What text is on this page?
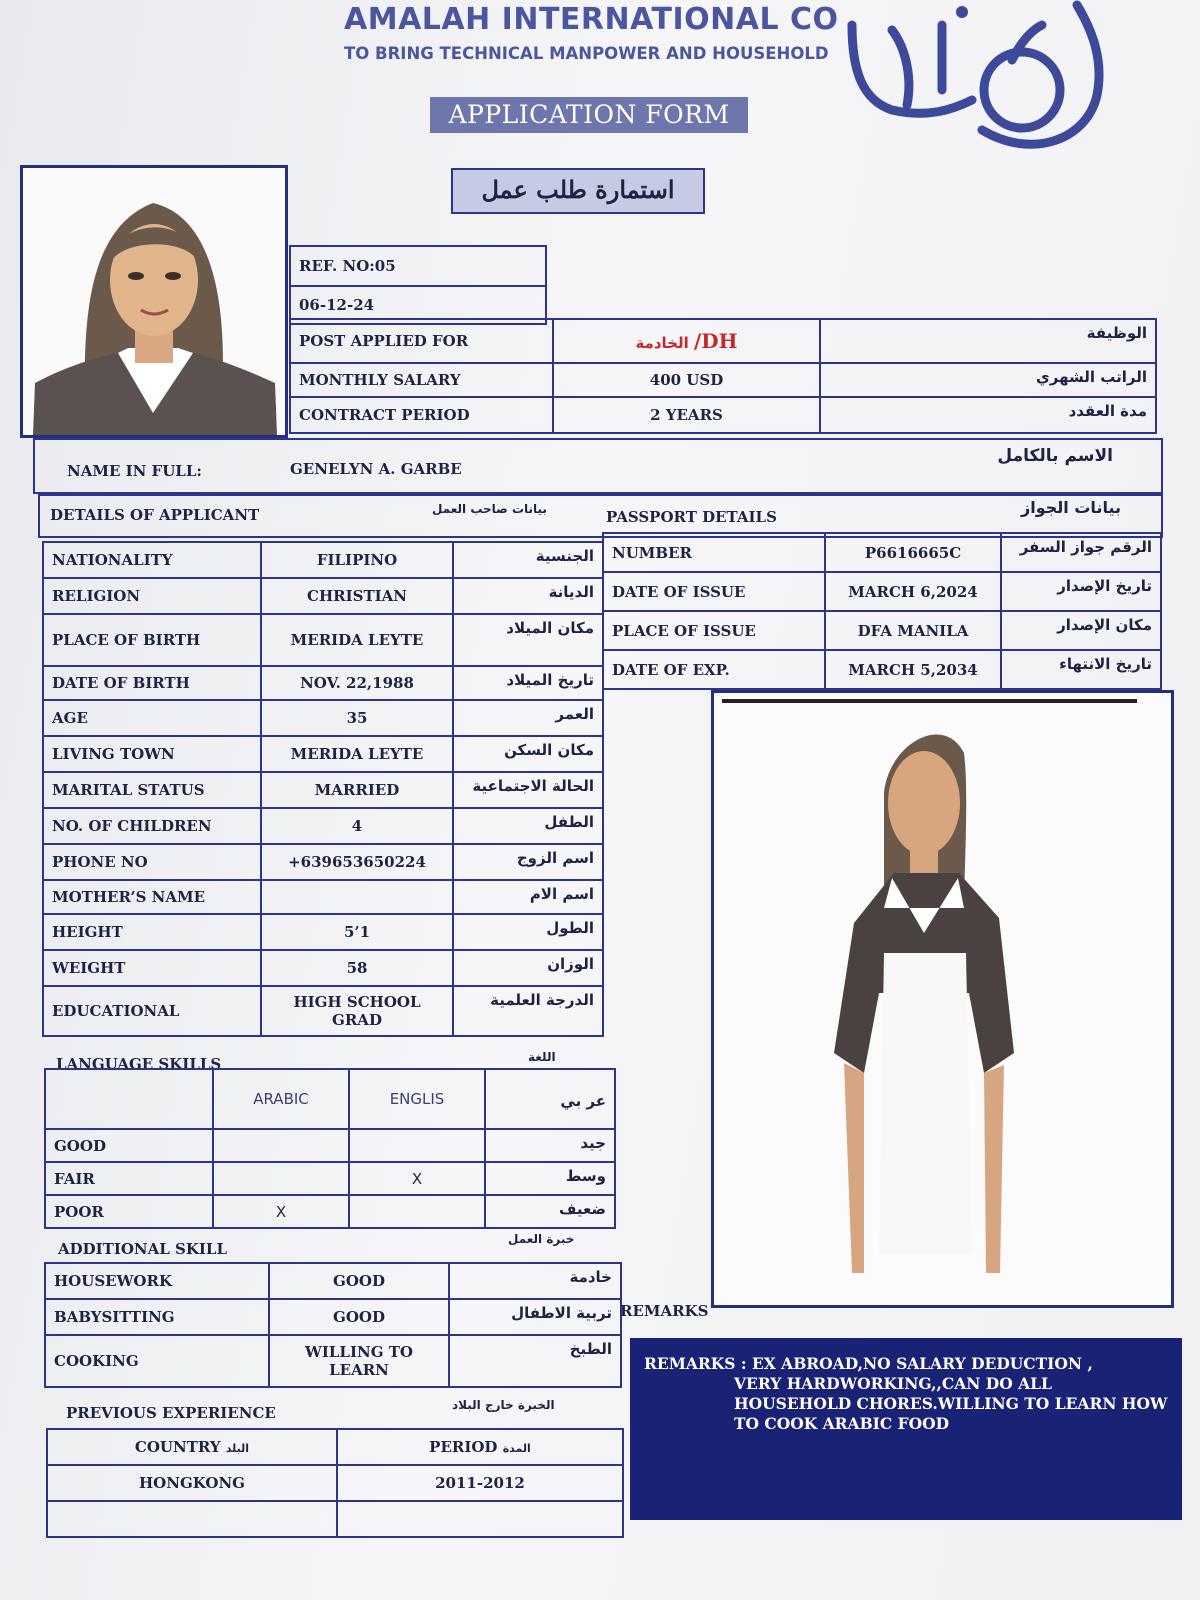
AMALAH INTERNATIONAL CO
TO BRING TECHNICAL MANPOWER AND HOUSEHOLD
APPLICATION FORM
استمارة طلب عمل
REF. NO:05
06-12-24
POST APPLIED FOR	الخادمة /DH	الوظيفة
MONTHLY SALARY	400 USD	الراتب الشهري
CONTRACT PERIOD	2 YEARS	مدة العقدد
NAME IN FULL:	GENELYN A. GARBE
الاسم بالكامل
DETAILS OF APPLICANT	بيانات صاحب العمل	PASSPORT DETAILS	بيانات الجواز
NATIONALITY	FILIPINO	الجنسية
RELIGION	CHRISTIAN	الديانة
PLACE OF BIRTH	MERIDA LEYTE	مكان الميلاد
DATE OF BIRTH	NOV. 22,1988	تاريخ الميلاد
AGE	35	العمر
LIVING TOWN	MERIDA LEYTE	مكان السكن
MARITAL STATUS	MARRIED	الحالة الاجتماعية
NO. OF CHILDREN	4	الطفل
PHONE NO	+639653650224	اسم الزوج
MOTHER’S NAME		اسم الام
HEIGHT	5’1	الطول
WEIGHT	58	الوزان
EDUCATIONAL	HIGH SCHOOL GRAD	الدرجة العلمية
NUMBER	P6616665C	الرقم جواز السفر
DATE OF ISSUE	MARCH 6,2024	تاريخ الإصدار
PLACE OF ISSUE	DFA MANILA	مكان الإصدار
DATE OF EXP.	MARCH 5,2034	تاريخ الانتهاء
LANGUAGE SKILLS	اللغة
	ARABIC	ENGLIS	عر بي
GOOD			جيد
FAIR		X	وسط
POOR	X		ضعيف
ADDITIONAL SKILL
خبرة العمل
HOUSEWORK	GOOD	خادمة
BABYSITTING	GOOD	تربية الاطفال
COOKING	WILLING TO LEARN	الطبخ
REMARKS
PREVIOUS EXPERIENCE	الخبرة خارج البلاد
COUNTRY البلد	PERIOD المدة
HONGKONG	2011-2012

REMARKS : EX ABROAD,NO SALARY DEDUCTION ,
VERY HARDWORKING,,CAN DO ALL
HOUSEHOLD CHORES.WILLING TO LEARN HOW
TO COOK ARABIC FOOD
